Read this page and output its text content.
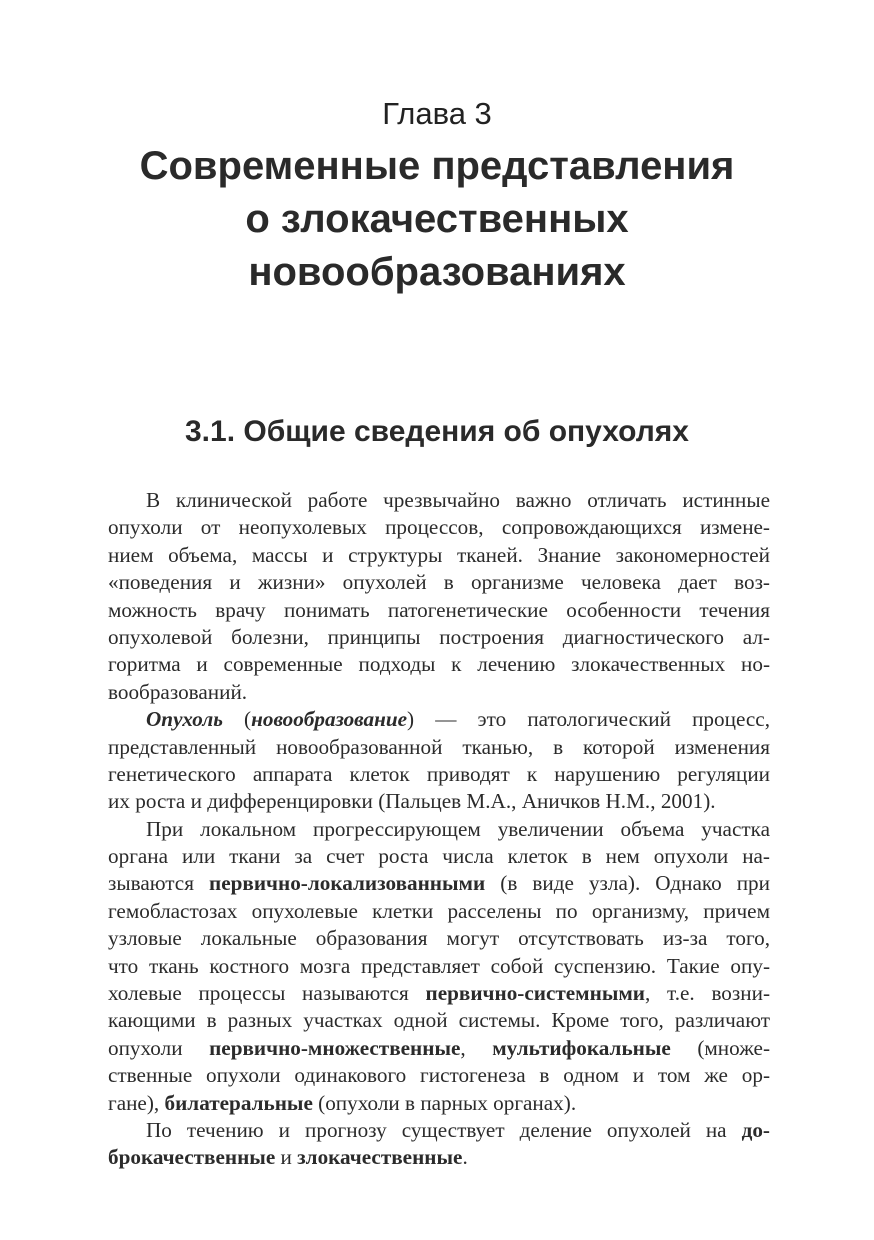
Глава 3
Современные представления
о злокачественных
новообразованиях
3.1. Общие сведения об опухолях
В клинической работе чрезвычайно важно отличать истинные
опухоли от неопухолевых процессов, сопровождающихся измене-
нием объема, массы и структуры тканей. Знание закономерностей
«поведения и жизни» опухолей в организме человека дает воз-
можность врачу понимать патогенетические особенности течения
опухолевой болезни, принципы построения диагностического ал-
горитма и современные подходы к лечению злокачественных но-
вообразований.
Опухоль (новообразование) — это патологический процесс,
представленный новообразованной тканью, в которой изменения
генетического аппарата клеток приводят к нарушению регуляции
их роста и дифференцировки (Пальцев М.А., Аничков Н.М., 2001).
При локальном прогрессирующем увеличении объема участка
органа или ткани за счет роста числа клеток в нем опухоли на-
зываются первично-локализованными (в виде узла). Однако при
гемобластозах опухолевые клетки расселены по организму, причем
узловые локальные образования могут отсутствовать из-за того,
что ткань костного мозга представляет собой суспензию. Такие опу-
холевые процессы называются первично-системными, т.е. возни-
кающими в разных участках одной системы. Кроме того, различают
опухоли первично-множественные, мультифокальные (множе-
ственные опухоли одинакового гистогенеза в одном и том же ор-
гане), билатеральные (опухоли в парных органах).
По течению и прогнозу существует деление опухолей на до-
брокачественные и злокачественные.
